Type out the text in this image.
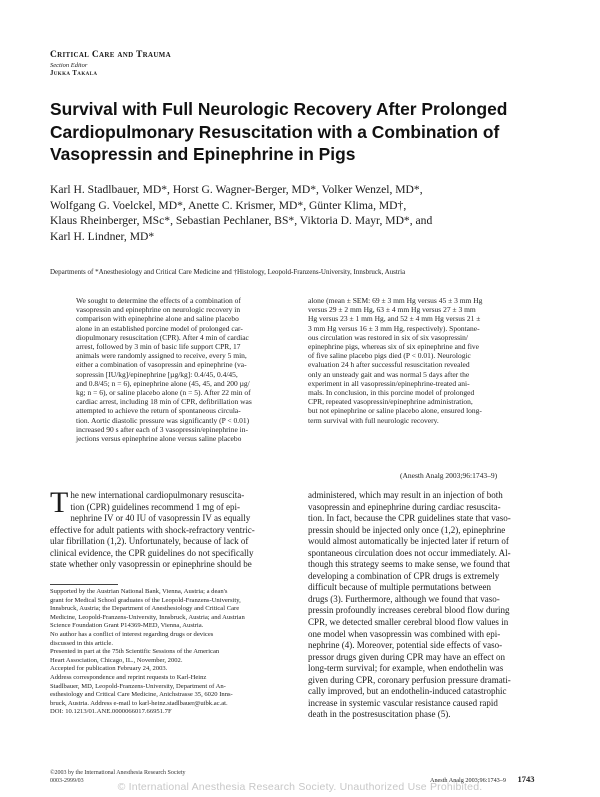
Critical Care and Trauma
Section Editor
Jukka Takala
Survival with Full Neurologic Recovery After Prolonged
Cardiopulmonary Resuscitation with a Combination of
Vasopressin and Epinephrine in Pigs
Karl H. Stadlbauer, MD*, Horst G. Wagner-Berger, MD*, Volker Wenzel, MD*,
Wolfgang G. Voelckel, MD*, Anette C. Krismer, MD*, Günter Klima, MD†,
Klaus Rheinberger, MSc*, Sebastian Pechlaner, BS*, Viktoria D. Mayr, MD*, and
Karl H. Lindner, MD*
Departments of *Anesthesiology and Critical Care Medicine and †Histology, Leopold-Franzens-University, Innsbruck, Austria
We sought to determine the effects of a combination of
vasopressin and epinephrine on neurologic recovery in
comparison with epinephrine alone and saline placebo
alone in an established porcine model of prolonged car-
diopulmonary resuscitation (CPR). After 4 min of cardiac
arrest, followed by 3 min of basic life support CPR, 17
animals were randomly assigned to receive, every 5 min,
either a combination of vasopressin and epinephrine (va-
sopressin [IU/kg]/epinephrine [µg/kg]: 0.4/45, 0.4/45,
and 0.8/45; n = 6), epinephrine alone (45, 45, and 200 µg/
kg; n = 6), or saline placebo alone (n = 5). After 22 min of
cardiac arrest, including 18 min of CPR, defibrillation was
attempted to achieve the return of spontaneous circula-
tion. Aortic diastolic pressure was significantly (P < 0.01)
increased 90 s after each of 3 vasopressin/epinephrine in-
jections versus epinephrine alone versus saline placebo
alone (mean ± SEM: 69 ± 3 mm Hg versus 45 ± 3 mm Hg
versus 29 ± 2 mm Hg, 63 ± 4 mm Hg versus 27 ± 3 mm
Hg versus 23 ± 1 mm Hg, and 52 ± 4 mm Hg versus 21 ±
3 mm Hg versus 16 ± 3 mm Hg, respectively). Spontane-
ous circulation was restored in six of six vasopressin/
epinephrine pigs, whereas six of six epinephrine and five
of five saline placebo pigs died (P < 0.01). Neurologic
evaluation 24 h after successful resuscitation revealed
only an unsteady gait and was normal 5 days after the
experiment in all vasopressin/epinephrine-treated ani-
mals. In conclusion, in this porcine model of prolonged
CPR, repeated vasopressin/epinephrine administration,
but not epinephrine or saline placebo alone, ensured long-
term survival with full neurologic recovery.
(Anesth Analg 2003;96:1743–9)
T he new international cardiopulmonary resuscita-
tion (CPR) guidelines recommend 1 mg of epi-
nephrine IV or 40 IU of vasopressin IV as equally
effective for adult patients with shock-refractory ventric-
ular fibrillation (1,2). Unfortunately, because of lack of
clinical evidence, the CPR guidelines do not specifically
state whether only vasopressin or epinephrine should be
administered, which may result in an injection of both
vasopressin and epinephrine during cardiac resuscita-
tion. In fact, because the CPR guidelines state that vaso-
pressin should be injected only once (1,2), epinephrine
would almost automatically be injected later if return of
spontaneous circulation does not occur immediately. Al-
though this strategy seems to make sense, we found that
developing a combination of CPR drugs is extremely
difficult because of multiple permutations between
drugs (3). Furthermore, although we found that vaso-
pressin profoundly increases cerebral blood flow during
CPR, we detected smaller cerebral blood flow values in
one model when vasopressin was combined with epi-
nephrine (4). Moreover, potential side effects of vaso-
pressor drugs given during CPR may have an effect on
long-term survival; for example, when endothelin was
given during CPR, coronary perfusion pressure dramati-
cally improved, but an endothelin-induced catastrophic
increase in systemic vascular resistance caused rapid
death in the postresuscitation phase (5).
Supported by the Austrian National Bank, Vienna, Austria; a dean's
grant for Medical School graduates of the Leopold-Franzens-University,
Innsbruck, Austria; the Department of Anesthesiology and Critical Care
Medicine, Leopold-Franzens-University, Innsbruck, Austria; and Austrian
Science Foundation Grant P14369-MED, Vienna, Austria.
No author has a conflict of interest regarding drugs or devices
discussed in this article.
Presented in part at the 75th Scientific Sessions of the American
Heart Association, Chicago, IL., November, 2002.
Accepted for publication February 24, 2003.
Address correspondence and reprint requests to Karl-Heinz
Stadlbauer, MD, Leopold-Franzens-University, Department of An-
esthesiology and Critical Care Medicine, Anichstrasse 35, 6020 Inns-
bruck, Austria. Address e-mail to karl-heinz.stadlbauer@uibk.ac.at.
DOI: 10.1213/01.ANE.0000066017.66951.7F
©2003 by the International Anesthesia Research Society
0003-2999/03	Anesth Analg 2003;96:1743–9 1743
© International Anesthesia Research Society. Unauthorized Use Prohibited.
